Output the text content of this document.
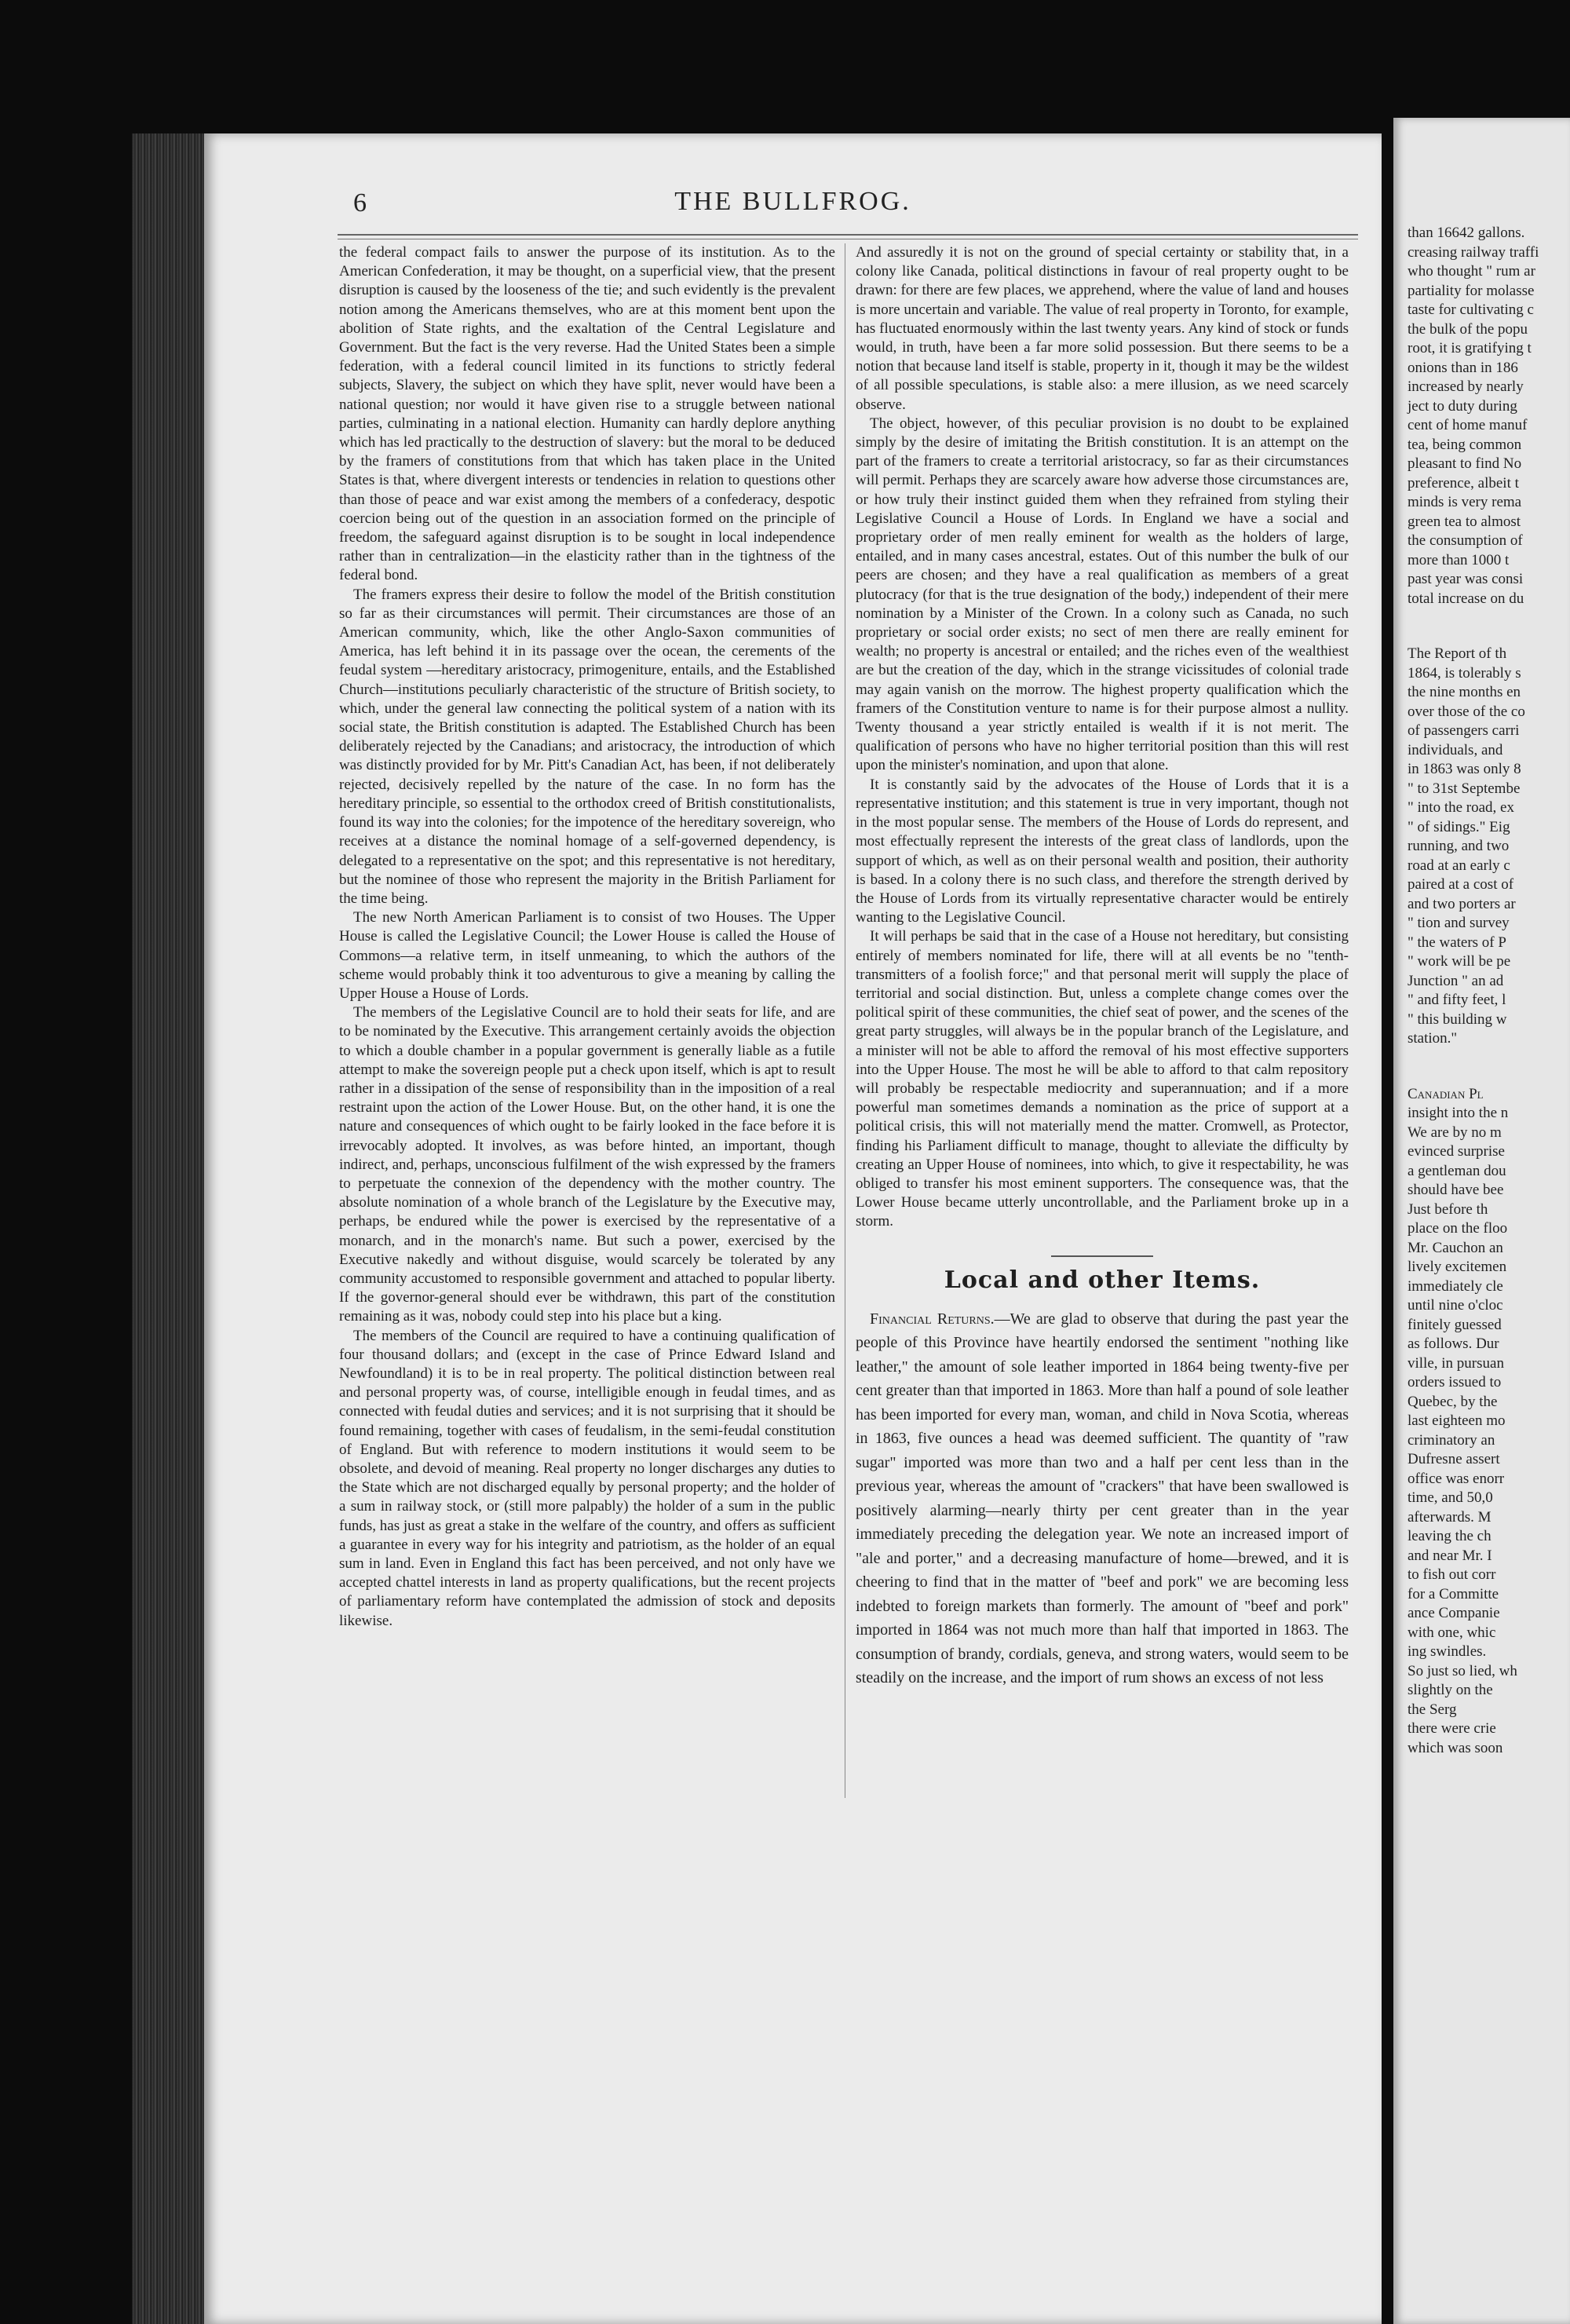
6	THE BULLFROG.

the federal compact fails to answer the purpose of its institution. As to the American Confederation, it may be thought, on a superficial view, that the present disruption is caused by the looseness of the tie; and such evidently is the prevalent notion among the Americans themselves, who are at this moment bent upon the abolition of State rights, and the exaltation of the Central Legislature and Government. But the fact is the very reverse. Had the United States been a simple federation, with a federal council limited in its functions to strictly federal subjects, Slavery, the subject on which they have split, never would have been a national question; nor would it have given rise to a struggle between national parties, culminating in a national election. Humanity can hardly deplore anything which has led practically to the destruction of slavery: but the moral to be deduced by the framers of constitutions from that which has taken place in the United States is that, where divergent interests or tendencies in relation to questions other than those of peace and war exist among the members of a confederacy, despotic coercion being out of the question in an association formed on the principle of freedom, the safeguard against disruption is to be sought in local independence rather than in centralization—in the elasticity rather than in the tightness of the federal bond.

The framers express their desire to follow the model of the British constitution so far as their circumstances will permit. Their circumstances are those of an American community, which, like the other Anglo-Saxon communities of America, has left behind it in its passage over the ocean, the cerements of the feudal system —hereditary aristocracy, primogeniture, entails, and the Established Church—institutions peculiarly characteristic of the structure of British society, to which, under the general law connecting the political system of a nation with its social state, the British constitution is adapted. The Established Church has been deliberately rejected by the Canadians; and aristocracy, the introduction of which was distinctly provided for by Mr. Pitt's Canadian Act, has been, if not deliberately rejected, decisively repelled by the nature of the case. In no form has the hereditary principle, so essential to the orthodox creed of British constitutionalists, found its way into the colonies; for the impotence of the hereditary sovereign, who receives at a distance the nominal homage of a self-governed dependency, is delegated to a representative on the spot; and this representative is not hereditary, but the nominee of those who represent the majority in the British Parliament for the time being.

The new North American Parliament is to consist of two Houses. The Upper House is called the Legislative Council; the Lower House is called the House of Commons—a relative term, in itself unmeaning, to which the authors of the scheme would probably think it too adventurous to give a meaning by calling the Upper House a House of Lords.

The members of the Legislative Council are to hold their seats for life, and are to be nominated by the Executive. This arrangement certainly avoids the objection to which a double chamber in a popular government is generally liable as a futile attempt to make the sovereign people put a check upon itself, which is apt to result rather in a dissipation of the sense of responsibility than in the imposition of a real restraint upon the action of the Lower House. But, on the other hand, it is one the nature and consequences of which ought to be fairly looked in the face before it is irrevocably adopted. It involves, as was before hinted, an important, though indirect, and, perhaps, unconscious fulfilment of the wish expressed by the framers to perpetuate the connexion of the dependency with the mother country. The absolute nomination of a whole branch of the Legislature by the Executive may, perhaps, be endured while the power is exercised by the representative of a monarch, and in the monarch's name. But such a power, exercised by the Executive nakedly and without disguise, would scarcely be tolerated by any community accustomed to responsible government and attached to popular liberty. If the governor-general should ever be withdrawn, this part of the constitution remaining as it was, nobody could step into his place but a king.

The members of the Council are required to have a continuing qualification of four thousand dollars; and (except in the case of Prince Edward Island and Newfoundland) it is to be in real property. The political distinction between real and personal property was, of course, intelligible enough in feudal times, and as connected with feudal duties and services; and it is not surprising that it should be found remaining, together with cases of feudalism, in the semi-feudal constitution of England. But with reference to modern institutions it would seem to be obsolete, and devoid of meaning. Real property no longer discharges any duties to the State which are not discharged equally by personal property; and the holder of a sum in railway stock, or (still more palpably) the holder of a sum in the public funds, has just as great a stake in the welfare of the country, and offers as sufficient a guarantee in every way for his integrity and patriotism, as the holder of an equal sum in land. Even in England this fact has been perceived, and not only have we accepted chattel interests in land as property qualifications, but the recent projects of parliamentary reform have contemplated the admission of stock and deposits likewise.

And assuredly it is not on the ground of special certainty or stability that, in a colony like Canada, political distinctions in favour of real property ought to be drawn: for there are few places, we apprehend, where the value of land and houses is more uncertain and variable. The value of real property in Toronto, for example, has fluctuated enormously within the last twenty years. Any kind of stock or funds would, in truth, have been a far more solid possession. But there seems to be a notion that because land itself is stable, property in it, though it may be the wildest of all possible speculations, is stable also: a mere illusion, as we need scarcely observe.

The object, however, of this peculiar provision is no doubt to be explained simply by the desire of imitating the British constitution. It is an attempt on the part of the framers to create a territorial aristocracy, so far as their circumstances will permit. Perhaps they are scarcely aware how adverse those circumstances are, or how truly their instinct guided them when they refrained from styling their Legislative Council a House of Lords. In England we have a social and proprietary order of men really eminent for wealth as the holders of large, entailed, and in many cases ancestral, estates. Out of this number the bulk of our peers are chosen; and they have a real qualification as members of a great plutocracy (for that is the true designation of the body,) independent of their mere nomination by a Minister of the Crown. In a colony such as Canada, no such proprietary or social order exists; no sect of men there are really eminent for wealth; no property is ancestral or entailed; and the riches even of the wealthiest are but the creation of the day, which in the strange vicissitudes of colonial trade may again vanish on the morrow. The highest property qualification which the framers of the Constitution venture to name is for their purpose almost a nullity. Twenty thousand a year strictly entailed is wealth if it is not merit. The qualification of persons who have no higher territorial position than this will rest upon the minister's nomination, and upon that alone.

It is constantly said by the advocates of the House of Lords that it is a representative institution; and this statement is true in very important, though not in the most popular sense. The members of the House of Lords do represent, and most effectually represent the interests of the great class of landlords, upon the support of which, as well as on their personal wealth and position, their authority is based. In a colony there is no such class, and therefore the strength derived by the House of Lords from its virtually representative character would be entirely wanting to the Legislative Council.

It will perhaps be said that in the case of a House not hereditary, but consisting entirely of members nominated for life, there will at all events be no "tenth-transmitters of a foolish force;" and that personal merit will supply the place of territorial and social distinction. But, unless a complete change comes over the political spirit of these communities, the chief seat of power, and the scenes of the great party struggles, will always be in the popular branch of the Legislature, and a minister will not be able to afford the removal of his most effective supporters into the Upper House. The most he will be able to afford to that calm repository will probably be respectable mediocrity and superannuation; and if a more powerful man sometimes demands a nomination as the price of support at a political crisis, this will not materially mend the matter. Cromwell, as Protector, finding his Parliament difficult to manage, thought to alleviate the difficulty by creating an Upper House of nominees, into which, to give it respectability, he was obliged to transfer his most eminent supporters. The consequence was, that the Lower House became utterly uncontrollable, and the Parliament broke up in a storm.

Local and other Items.

Financial Returns.—We are glad to observe that during the past year the people of this Province have heartily endorsed the sentiment "nothing like leather," the amount of sole leather imported in 1864 being twenty-five per cent greater than that imported in 1863. More than half a pound of sole leather has been imported for every man, woman, and child in Nova Scotia, whereas in 1863, five ounces a head was deemed sufficient. The quantity of "raw sugar" imported was more than two and a half per cent less than in the previous year, whereas the amount of "crackers" that have been swallowed is positively alarming—nearly thirty per cent greater than in the year immediately preceding the delegation year. We note an increased import of "ale and porter," and a decreasing manufacture of home—brewed, and it is cheering to find that in the matter of "beef and pork" we are becoming less indebted to foreign markets than formerly. The amount of "beef and pork" imported in 1864 was not much more than half that imported in 1863. The consumption of brandy, cordials, geneva, and strong waters, would seem to be steadily on the increase, and the import of rum shows an excess of not less

than 16642 gallons.
creasing railway traffi
who thought " rum ar
partiality for molasse
taste for cultivating c
the bulk of the popu
root, it is gratifying t
onions than in 186
increased by nearly
ject to duty during
cent of home manuf
tea, being common
pleasant to find No
preference, albeit t
minds is very rema
green tea to almost
the consumption of
more than 1000 t
past year was consi
total increase on du
The Report of th
1864, is tolerably s
the nine months en
over those of the co
of passengers carri
individuals, and
in 1863 was only 8
" to 31st Septembe
" into the road, ex
" of sidings." Eig
running, and two
road at an early c
paired at a cost of
and two porters ar
" tion and survey
" the waters of P
" work will be pe
Junction " an ad
" and fifty feet, l
" this building w
station."
Canadian Pl
insight into the n
We are by no m
evinced surprise
a gentleman dou
should have bee
Just before th
place on the floo
Mr. Cauchon an
lively excitemen
immediately cle
until nine o'cloc
finitely guessed
as follows. Dur
ville, in pursuan
orders issued to
Quebec, by the
last eighteen mo
criminatory an
Dufresne assert
office was enorr
time, and 50,0
afterwards. M
leaving the ch
and near Mr. I
to fish out corr
for a Committe
ance Companie
with one, whic
ing swindles.
So just so lied, wh
slightly on the
the Serg
there were crie
which was soon
